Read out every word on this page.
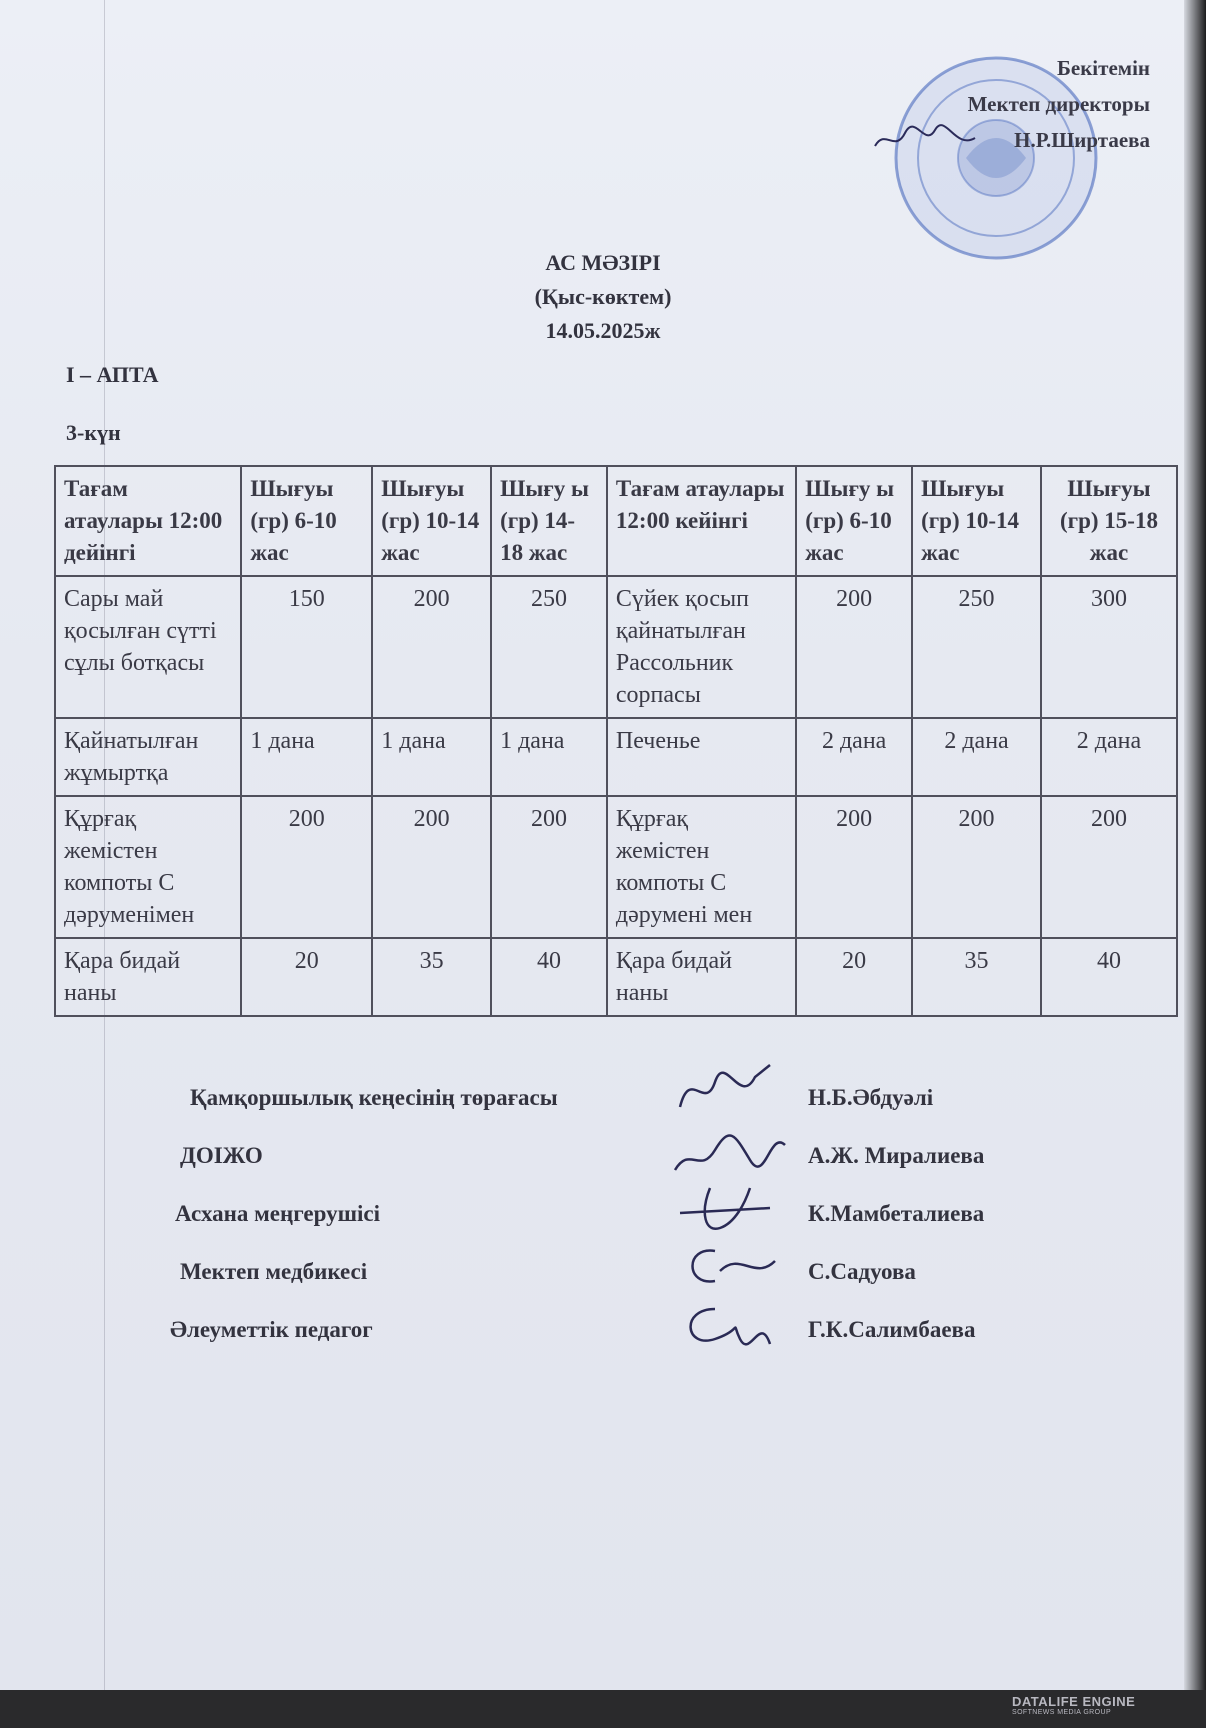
Бекітемін
Мектеп директоры
Н.Р.Ширтаева
АС МӘЗІРІ
(Қыс-көктем)
14.05.2025ж
I – АПТА
3-күн
Тағам атаулары 12:00 дейінгі	Шығуы (гр) 6-10 жас	Шығуы (гр) 10-14 жас	Шығу ы (гр) 14-18 жас	Тағам атаулары 12:00 кейінгі	Шығу ы (гр) 6-10 жас	Шығуы (гр) 10-14 жас	Шығуы (гр) 15-18 жас
Сары май қосылған сүтті сұлы ботқасы	150	200	250	Сүйек қосып қайнатылған Рассольник сорпасы	200	250	300
Қайнатылған жұмыртқа	1 дана	1 дана	1 дана	Печенье	2 дана	2 дана	2 дана
Құрғақ жемістен компоты С дәруменімен	200	200	200	Құрғақ жемістен компоты С дәрумені мен	200	200	200
Қара бидай наны	20	35	40	Қара бидай наны	20	35	40
Қамқоршылық кеңесінің төрағасы	Н.Б.Әбдуәлі
ДОІЖО	А.Ж. Миралиева
Асхана меңгерушісі	К.Мамбеталиева
Мектеп медбикесі	С.Садуова
Әлеуметтік педагог	Г.К.Салимбаева
DATALIFE ENGINE
SOFTNEWS MEDIA GROUP
